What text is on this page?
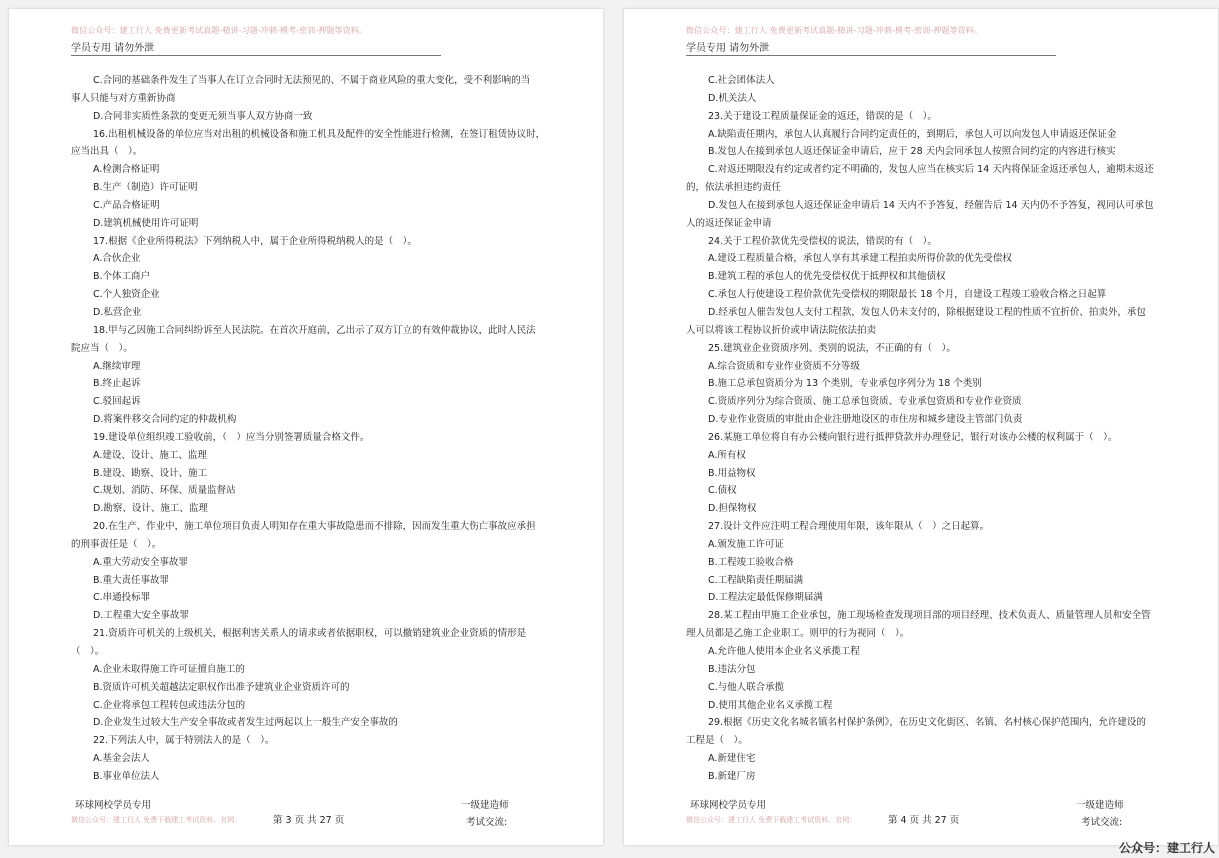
微信公众号：建工行人 免费更新考试真题-精讲-习题-冲刺-模考-密训-押题等资料。
学员专用 请勿外泄

C.合同的基础条件发生了当事人在订立合同时无法预见的、不属于商业风险的重大变化，受不利影响的当

事人只能与对方重新协商

D.合同非实质性条款的变更无须当事人双方协商一致

16.出租机械设备的单位应当对出租的机械设备和施工机具及配件的安全性能进行检测，在签订租赁协议时，

应当出具（　）。

A.检测合格证明

B.生产（制造）许可证明

C.产品合格证明

D.建筑机械使用许可证明

17.根据《企业所得税法》下列纳税人中，属于企业所得税纳税人的是（　）。

A.合伙企业

B.个体工商户

C.个人独资企业

D.私营企业

18.甲与乙因施工合同纠纷诉至人民法院。在首次开庭前，乙出示了双方订立的有效仲裁协议，此时人民法

院应当（　）。

A.继续审理

B.终止起诉

C.驳回起诉

D.将案件移交合同约定的仲裁机构

19.建设单位组织竣工验收前，（　）应当分别签署质量合格文件。

A.建设、设计、施工、监理

B.建设、勘察、设计、施工

C.规划、消防、环保、质量监督站

D.勘察、设计、施工、监理

20.在生产、作业中，施工单位项目负责人明知存在重大事故隐患而不排除，因而发生重大伤亡事故应承担

的刑事责任是（　）。

A.重大劳动安全事故罪

B.重大责任事故罪

C.串通投标罪

D.工程重大安全事故罪

21.资质许可机关的上级机关，根据利害关系人的请求或者依据职权，可以撤销建筑业企业资质的情形是

（　）。

A.企业未取得施工许可证擅自施工的

B.资质许可机关超越法定职权作出准予建筑业企业资质许可的

C.企业将承包工程转包或违法分包的

D.企业发生过较大生产安全事故或者发生过两起以上一般生产安全事故的

22.下列法人中，属于特别法人的是（　）。

A.基金会法人

B.事业单位法人

环球网校学员专用	一级建造师
微信公众号：建工行人 免费下载建工考试资料。官网：	第 3 页 共 27 页	考试交流:
微信公众号：建工行人 免费更新考试真题-精讲-习题-冲刺-模考-密训-押题等资料。
学员专用 请勿外泄

C.社会团体法人

D.机关法人

23.关于建设工程质量保证金的返还，错误的是（　）。

A.缺陷责任期内，承包人认真履行合同约定责任的，到期后，承包人可以向发包人申请返还保证金

B.发包人在接到承包人返还保证金申请后，应于 28 天内会同承包人按照合同约定的内容进行核实

C.对返还期限没有约定或者约定不明确的，发包人应当在核实后 14 天内将保证金返还承包人，逾期未返还

的，依法承担违约责任

D.发包人在接到承包人返还保证金申请后 14 天内不予答复，经催告后 14 天内仍不予答复，视同认可承包

人的返还保证金申请

24.关于工程价款优先受偿权的说法，错误的有（　）。

A.建设工程质量合格，承包人享有其承建工程拍卖所得价款的优先受偿权

B.建筑工程的承包人的优先受偿权优于抵押权和其他债权

C.承包人行使建设工程价款优先受偿权的期限最长 18 个月，自建设工程竣工验收合格之日起算

D.经承包人催告发包人支付工程款，发包人仍未支付的，除根据建设工程的性质不宜折价、拍卖外，承包

人可以将该工程协议折价或申请法院依法拍卖

25.建筑业企业资质序列、类别的说法，不正确的有（　）。

A.综合资质和专业作业资质不分等级

B.施工总承包资质分为 13 个类别，专业承包序列分为 18 个类别

C.资质序列分为综合资质、施工总承包资质、专业承包资质和专业作业资质

D.专业作业资质的审批由企业注册地设区的市住房和城乡建设主管部门负责

26.某施工单位将自有办公楼向银行进行抵押贷款并办理登记，银行对该办公楼的权利属于（　）。

A.所有权

B.用益物权

C.债权

D.担保物权

27.设计文件应注明工程合理使用年限，该年限从（　）之日起算。

A.颁发施工许可证

B.工程竣工验收合格

C.工程缺陷责任期届满

D.工程法定最低保修期届满

28.某工程由甲施工企业承包，施工现场检查发现项目部的项目经理、技术负责人、质量管理人员和安全管

理人员都是乙施工企业职工。则甲的行为视同（　）。

A.允许他人使用本企业名义承揽工程

B.违法分包

C.与他人联合承揽

D.使用其他企业名义承揽工程

29.根据《历史文化名城名镇名村保护条例》，在历史文化街区、名镇、名村核心保护范围内，允许建设的

工程是（　）。

A.新建住宅

B.新建厂房

环球网校学员专用	一级建造师
微信公众号：建工行人 免费下载建工考试资料。官网：	第 4 页 共 27 页	考试交流:
公众号：建工行人
